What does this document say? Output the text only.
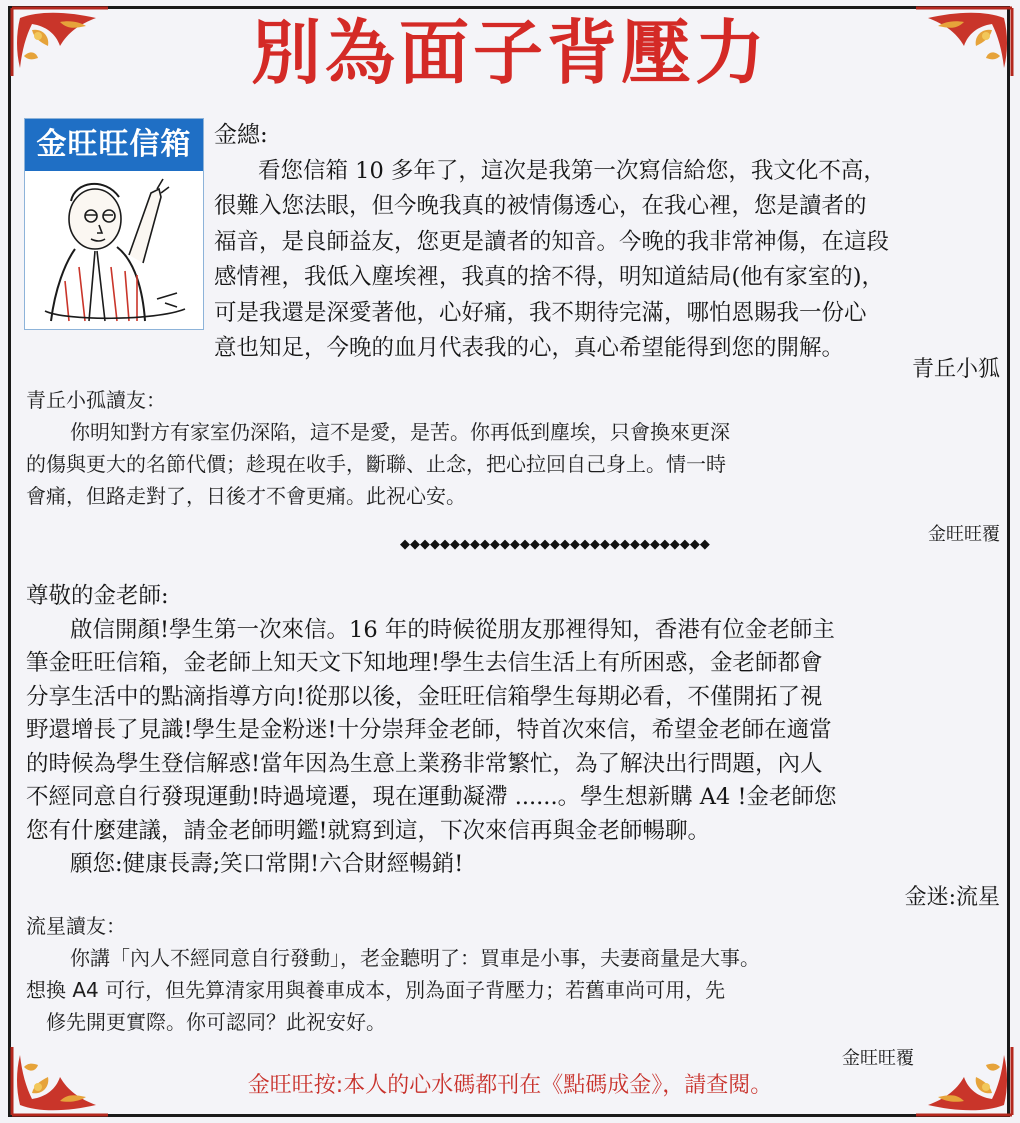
別為面子背壓力
金旺旺信箱 金總:

看您信箱 10 多年了，這次是我第一次寫信給您，我文化不高，

很難入您法眼，但今晚我真的被情傷透心，在我心裡，您是讀者的

福音，是良師益友，您更是讀者的知音。今晚的我非常神傷，在這段

感情裡，我低入塵埃裡，我真的捨不得，明知道結局(他有家室的)，

可是我還是深愛著他，心好痛，我不期待完滿，哪怕恩賜我一份心

意也知足，今晚的血月代表我的心，真心希望能得到您的開解。

青丘小狐
青丘小孤讀友：
你明知對方有家室仍深陷，這不是愛，是苦。你再低到塵埃，只會換來更深
的傷與更大的名節代價；趁現在收手，斷聯、止念，把心拉回自己身上。情一時
會痛，但路走對了，日後才不會更痛。此祝心安。
金旺旺覆
◆◆◆◆◆◆◆◆◆◆◆◆◆◆◆◆◆◆◆◆◆◆◆◆◆◆◆◆◆◆◆

尊敬的金老師:

啟信開顏!學生第一次來信。16 年的時候從朋友那裡得知，香港有位金老師主

筆金旺旺信箱，金老師上知天文下知地理!學生去信生活上有所困惑，金老師都會

分享生活中的點滴指導方向!從那以後，金旺旺信箱學生每期必看，不僅開拓了視

野還增長了見識!學生是金粉迷!十分崇拜金老師，特首次來信，希望金老師在適當

的時候為學生登信解惑!當年因為生意上業務非常繁忙，為了解決出行問題，內人

不經同意自行發現運動!時過境遷，現在運動凝滯 ......。學生想新購 A4 !金老師您

您有什麼建議，請金老師明鑑!就寫到這，下次來信再與金老師暢聊。

願您:健康長壽;笑口常開!六合財經暢銷!

金迷:流星
流星讀友：
你講「內人不經同意自行發動」，老金聽明了：買車是小事，夫妻商量是大事。
想換 A4 可行，但先算清家用與養車成本，別為面子背壓力；若舊車尚可用，先
修先開更實際。你可認同？此祝安好。
金旺旺覆
金旺旺按:本人的心水碼都刊在《點碼成金》，請查閱。
